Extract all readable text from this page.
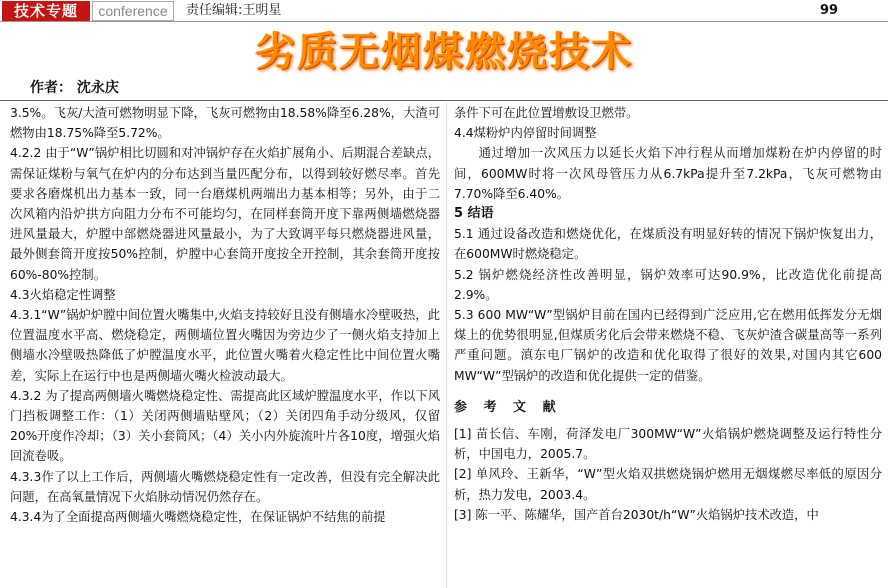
技术专题	conference	责任编辑:王明星	99
劣质无烟煤燃烧技术
作者： 沈永庆

3.5%。飞灰/大渣可燃物明显下降，飞灰可燃物由18.58%降至6.28%，大渣可燃物由18.75%降至5.72%。

4.2.2 由于“W”锅炉相比切圆和对冲锅炉存在火焰扩展角小、后期混合差缺点，需保证煤粉与氧气在炉内的分布达到当量匹配分布，以得到较好燃尽率。首先要求各磨煤机出力基本一致，同一台磨煤机两端出力基本相等；另外，由于二次风箱内沿炉拱方向阻力分布不可能均匀，在同样套筒开度下靠两侧墙燃烧器进风量最大，炉膛中部燃烧器进风量最小，为了大致调平每只燃烧器进风量，最外侧套筒开度按50%控制，炉膛中心套筒开度按全开控制，其余套筒开度按60%-80%控制。

4.3火焰稳定性调整

4.3.1“W”锅炉炉膛中间位置火嘴集中,火焰支持较好且没有侧墙水冷壁吸热，此位置温度水平高、燃烧稳定，两侧墙位置火嘴因为旁边少了一侧火焰支持加上侧墙水冷壁吸热降低了炉膛温度水平，此位置火嘴着火稳定性比中间位置火嘴差，实际上在运行中也是两侧墙火嘴火检波动最大。

4.3.2 为了提高两侧墙火嘴燃烧稳定性、需提高此区域炉膛温度水平，作以下风门挡板调整工作：（1）关闭两侧墙贴壁风；（2）关闭四角手动分级风，仅留20%开度作冷却；（3）关小套筒风；（4）关小内外旋流叶片各10度，增强火焰回流卷吸。

4.3.3作了以上工作后，两侧墙火嘴燃烧稳定性有一定改善，但没有完全解决此问题，在高氧量情况下火焰脉动情况仍然存在。

4.3.4为了全面提高两侧墙火嘴燃烧稳定性，在保证锅炉不结焦的前提

条件下可在此位置增敷设卫燃带。

4.4煤粉炉内停留时间调整

通过增加一次风压力以延长火焰下冲行程从而增加煤粉在炉内停留的时间，600MW时将一次风母管压力从6.7kPa提升至7.2kPa，飞灰可燃物由7.70%降至6.40%。

5 结语

5.1 通过设备改造和燃烧优化，在煤质没有明显好转的情况下锅炉恢复出力，在600MW时燃烧稳定。

5.2 锅炉燃烧经济性改善明显，锅炉效率可达90.9%，比改造优化前提高2.9%。

5.3 600 MW“W”型锅炉目前在国内已经得到广泛应用,它在燃用低挥发分无烟煤上的优势很明显,但煤质劣化后会带来燃烧不稳、飞灰炉渣含碳量高等一系列严重问题。滇东电厂锅炉的改造和优化取得了很好的效果,对国内其它600 MW“W”型锅炉的改造和优化提供一定的借鉴。

参 考 文 献

[1] 苗长信、车刚，荷泽发电厂300MW“W”火焰锅炉燃烧调整及运行特性分析，中国电力，2005.7。

[2] 单风玲、王新华，“W”型火焰双拱燃烧锅炉燃用无烟煤燃尽率低的原因分析，热力发电，2003.4。

[3] 陈一平、陈耀华，国产首台2030t/h“W”火焰锅炉技术改造，中
